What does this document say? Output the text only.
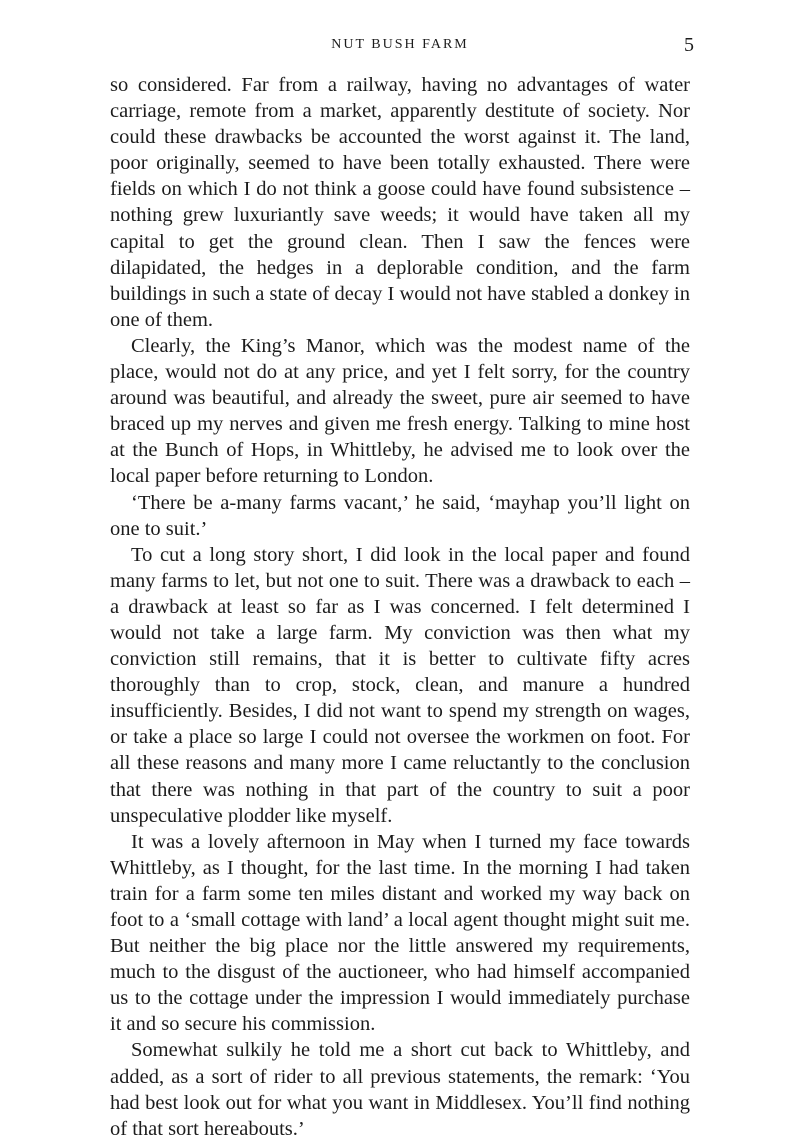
NUT BUSH FARM	5

so considered. Far from a railway, having no advantages of water carriage, remote from a market, apparently destitute of society. Nor could these drawbacks be accounted the worst against it. The land, poor originally, seemed to have been totally exhausted. There were fields on which I do not think a goose could have found subsistence – nothing grew luxuriantly save weeds; it would have taken all my capital to get the ground clean. Then I saw the fences were dilapidated, the hedges in a deplorable condition, and the farm buildings in such a state of decay I would not have stabled a donkey in one of them.

Clearly, the King’s Manor, which was the modest name of the place, would not do at any price, and yet I felt sorry, for the country around was beautiful, and already the sweet, pure air seemed to have braced up my nerves and given me fresh energy. Talking to mine host at the Bunch of Hops, in Whittleby, he advised me to look over the local paper before returning to London.

‘There be a-many farms vacant,’ he said, ‘mayhap you’ll light on one to suit.’

To cut a long story short, I did look in the local paper and found many farms to let, but not one to suit. There was a drawback to each – a drawback at least so far as I was concerned. I felt determined I would not take a large farm. My conviction was then what my conviction still remains, that it is better to cultivate fifty acres thoroughly than to crop, stock, clean, and manure a hundred insufficiently. Besides, I did not want to spend my strength on wages, or take a place so large I could not oversee the workmen on foot. For all these reasons and many more I came reluctantly to the conclusion that there was nothing in that part of the country to suit a poor unspeculative plodder like myself.

It was a lovely afternoon in May when I turned my face towards Whittleby, as I thought, for the last time. In the morning I had taken train for a farm some ten miles distant and worked my way back on foot to a ‘small cottage with land’ a local agent thought might suit me. But neither the big place nor the little answered my requirements, much to the disgust of the auctioneer, who had himself accompanied us to the cottage under the impression I would immediately purchase it and so secure his commission.

Somewhat sulkily he told me a short cut back to Whittleby, and added, as a sort of rider to all previous statements, the remark: ‘You had best look out for what you want in Middlesex. You’ll find nothing of that sort hereabouts.’
